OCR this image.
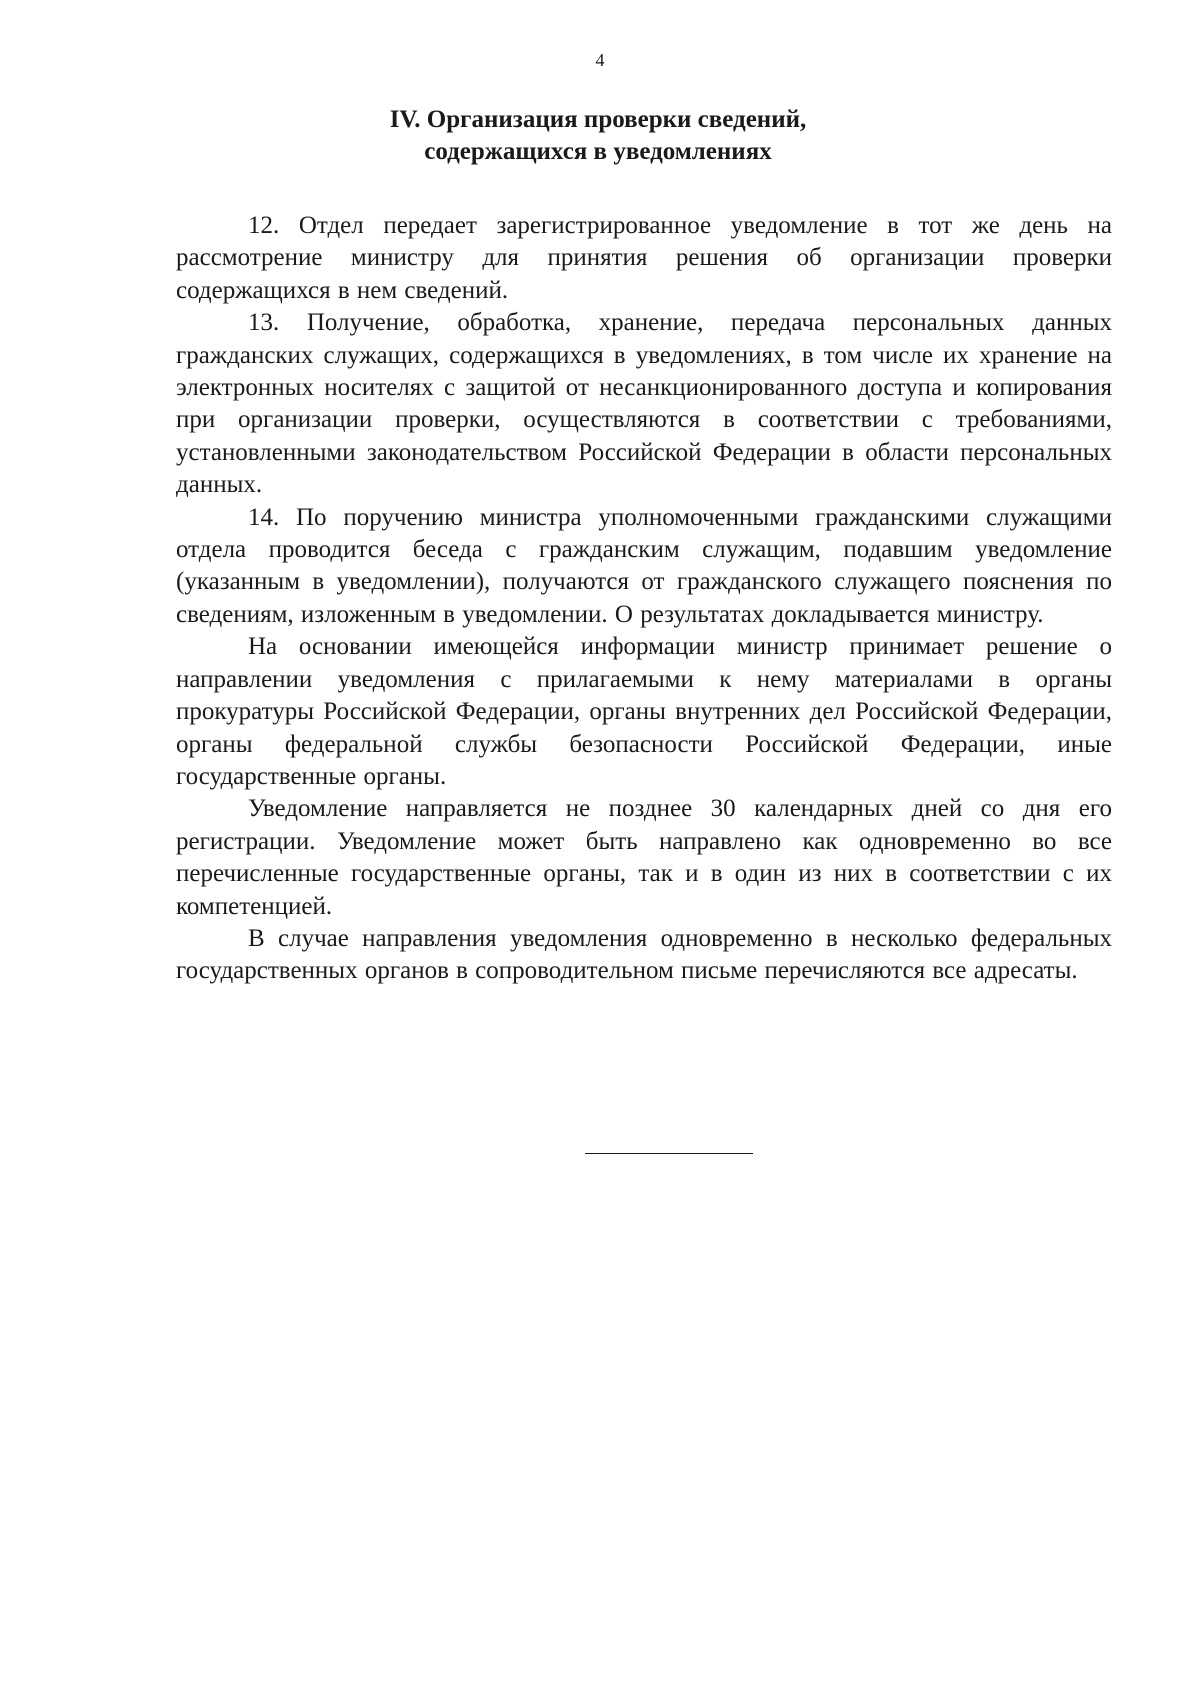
4
IV. Организация проверки сведений,
содержащихся в уведомлениях

12. Отдел передает зарегистрированное уведомление в тот же день на рассмотрение министру для принятия решения об организации проверки содержащихся в нем сведений.

13. Получение, обработка, хранение, передача персональных данных гражданских служащих, содержащихся в уведомлениях, в том числе их хранение на электронных носителях с защитой от несанкционированного доступа и копирования при организации проверки, осуществляются в соответствии с требованиями, установленными законодательством Российской Федерации в области персональных данных.

14. По поручению министра уполномоченными гражданскими служащими отдела проводится беседа с гражданским служащим, подавшим уведомление (указанным в уведомлении), получаются от гражданского служащего пояснения по сведениям, изложенным в уведомлении. О результатах докладывается министру.

На основании имеющейся информации министр принимает решение о направлении уведомления с прилагаемыми к нему материалами в органы прокуратуры Российской Федерации, органы внутренних дел Российской Федерации, органы федеральной службы безопасности Российской Федерации, иные государственные органы.

Уведомление направляется не позднее 30 календарных дней со дня его регистрации. Уведомление может быть направлено как одновременно во все перечисленные государственные органы, так и в один из них в соответствии с их компетенцией.

В случае направления уведомления одновременно в несколько федеральных государственных органов в сопроводительном письме перечисляются все адресаты.
